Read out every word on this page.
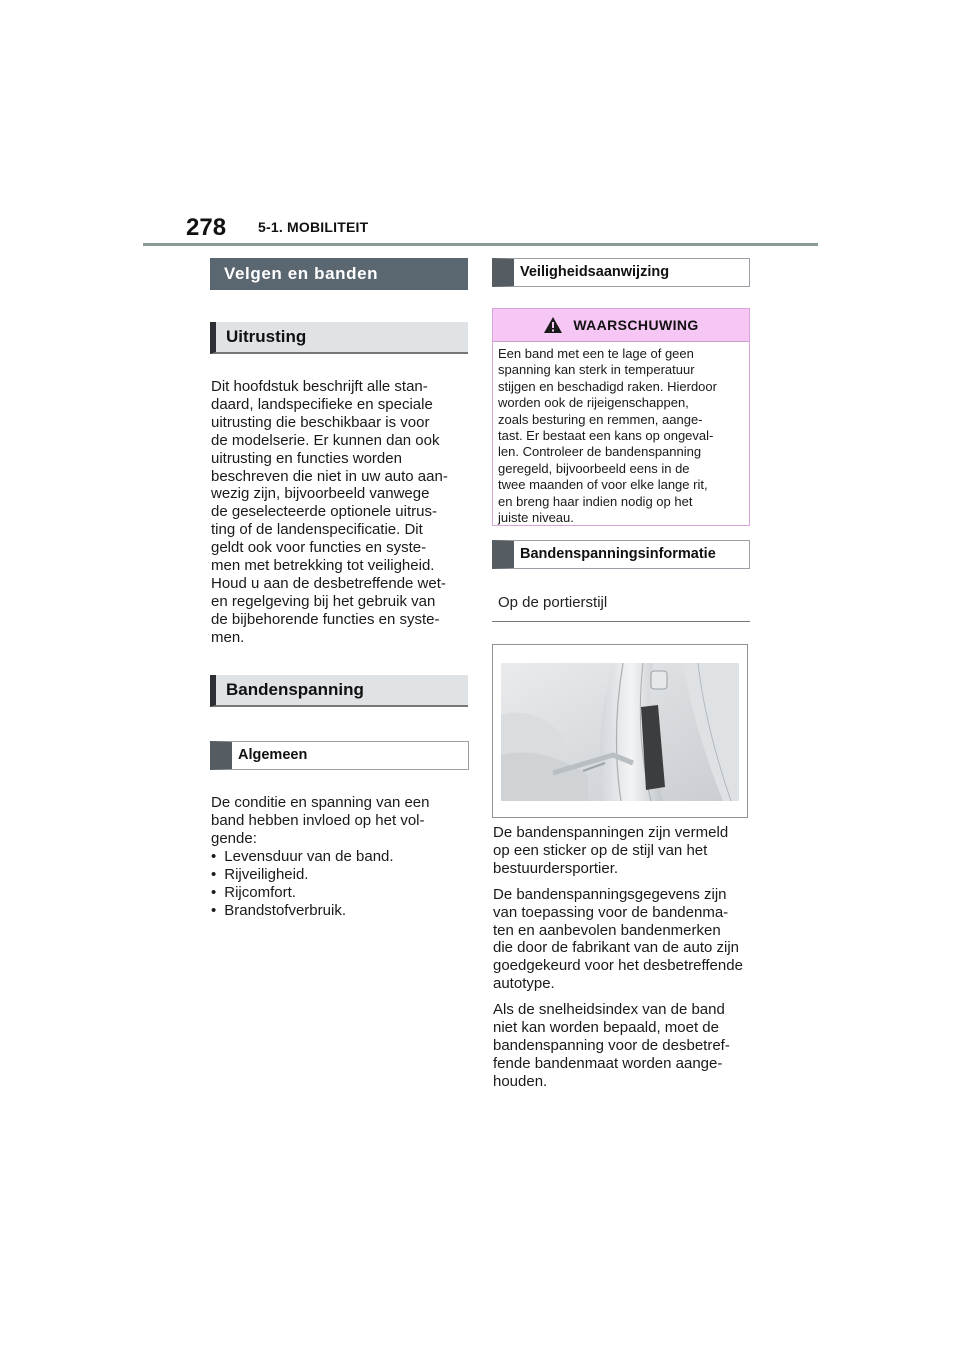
278 5-1. MOBILITEIT
Velgen en banden
Uitrusting
Dit hoofdstuk beschrijft alle stan-
daard, landspecifieke en speciale
uitrusting die beschikbaar is voor
de modelserie. Er kunnen dan ook
uitrusting en functies worden
beschreven die niet in uw auto aan-
wezig zijn, bijvoorbeeld vanwege
de geselecteerde optionele uitrus-
ting of de landenspecificatie. Dit
geldt ook voor functies en syste-
men met betrekking tot veiligheid.
Houd u aan de desbetreffende wet-
en regelgeving bij het gebruik van
de bijbehorende functies en syste-
men.
Bandenspanning
Algemeen
De conditie en spanning van een
band hebben invloed op het vol-
gende:
• Levensduur van de band.
• Rijveiligheid.
• Rijcomfort.
• Brandstofverbruik.
Veiligheidsaanwijzing
WAARSCHUWING
Een band met een te lage of geen
spanning kan sterk in temperatuur
stijgen en beschadigd raken. Hierdoor
worden ook de rijeigenschappen,
zoals besturing en remmen, aange-
tast. Er bestaat een kans op ongeval-
len. Controleer de bandenspanning
geregeld, bijvoorbeeld eens in de
twee maanden of voor elke lange rit,
en breng haar indien nodig op het
juiste niveau.
Bandenspanningsinformatie
Op de portierstijl

De bandenspanningen zijn vermeld
op een sticker op de stijl van het
bestuurdersportier.

De bandenspanningsgegevens zijn
van toepassing voor de bandenma-
ten en aanbevolen bandenmerken
die door de fabrikant van de auto zijn
goedgekeurd voor het desbetreffende
autotype.

Als de snelheidsindex van de band
niet kan worden bepaald, moet de
bandenspanning voor de desbetref-
fende bandenmaat worden aange-
houden.
